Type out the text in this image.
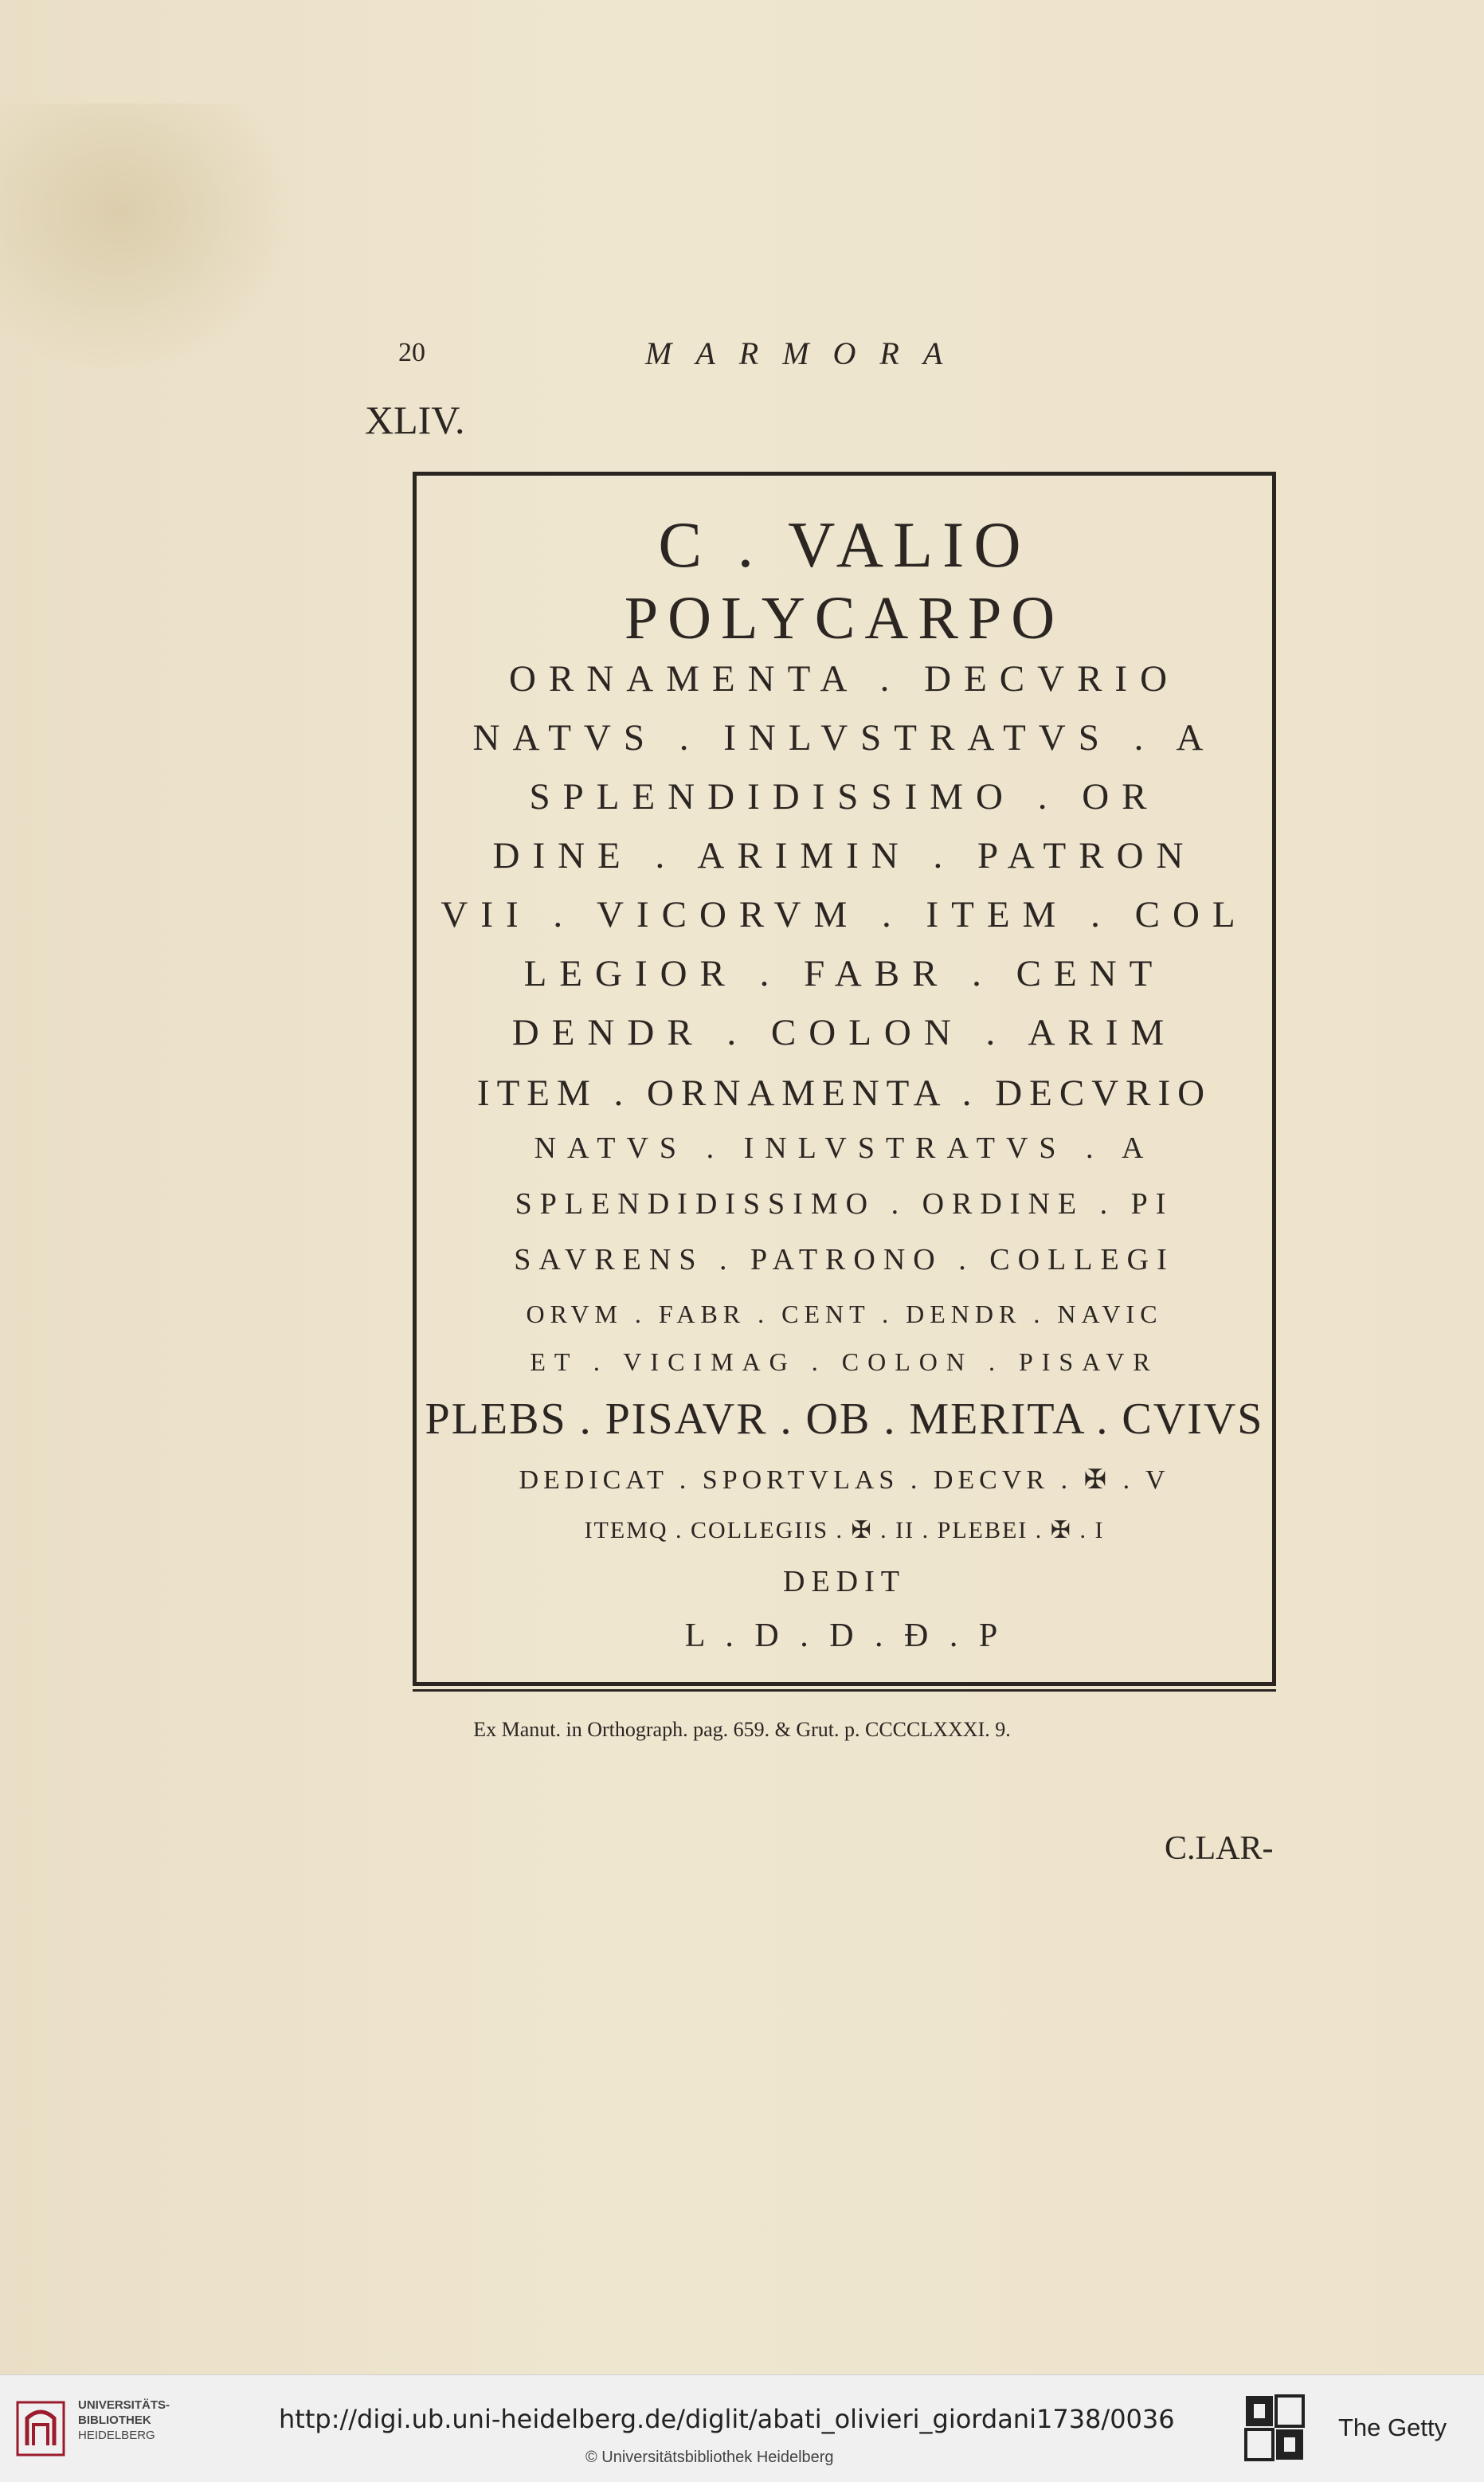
20	MARMORA
XLIV.
C . VALIO
POLYCARPO
ORNAMENTA . DECVRIO
NATVS . INLVSTRATVS . A
SPLENDIDISSIMO . OR
DINE . ARIMIN . PATRON
VII . VICORVM . ITEM . COL
LEGIOR . FABR . CENT
DENDR . COLON . ARIM
ITEM . ORNAMENTA . DECVRIO
NATVS . INLVSTRATVS . A
SPLENDIDISSIMO . ORDINE . PI
SAVRENS . PATRONO . COLLEGI
ORVM . FABR . CENT . DENDR . NAVIC
ET . VICIMAG . COLON . PISAVR
PLEBS . PISAVR . OB . MERITA . CVIVS
DEDICAT . SPORTVLAS . DECVR . ✠ . V
ITEMQ . COLLEGIIS . ✠ . II . PLEBEI . ✠ . I
DEDIT
L . D . D . Ð . P
Ex Manut. in Orthograph. pag. 659. & Grut. p. CCCCLXXXI. 9.
C.LAR-
UNIVERSITÄTS-
BIBLIOTHEK
HEIDELBERG
http://digi.ub.uni-heidelberg.de/diglit/abati_olivieri_giordani1738/0036
© Universitätsbibliothek Heidelberg
The Getty
